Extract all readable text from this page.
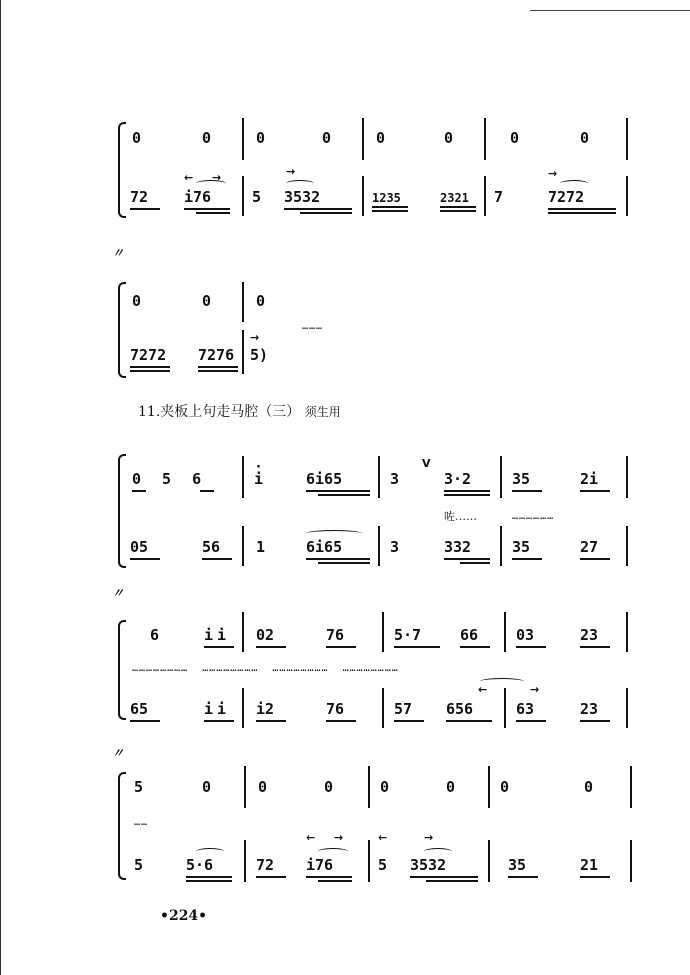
0	0	0	0	0	0	0	0
72
← →
i76	5
→
3532	1235	2321 7
→
7272
〃
0	0	0
………
7272 7276
→
5)
11.夹板上句走马腔（三） 须生用
0 5 6
·	i	6i65	3
V
3·2	35	2i
咗……	………………
05	56 1	6i65	3	332	35	27
〃
6	ii 02	76	5·7	66	03	23
……………………  ……………………  ……………………  ……………………
65	ii i2	76	57
←
656
→
63	23
〃
5	0	0	0	0	0	0	0
……
5	5·6	72
← →
i76
←
5
→
3532	35	21
•224•
